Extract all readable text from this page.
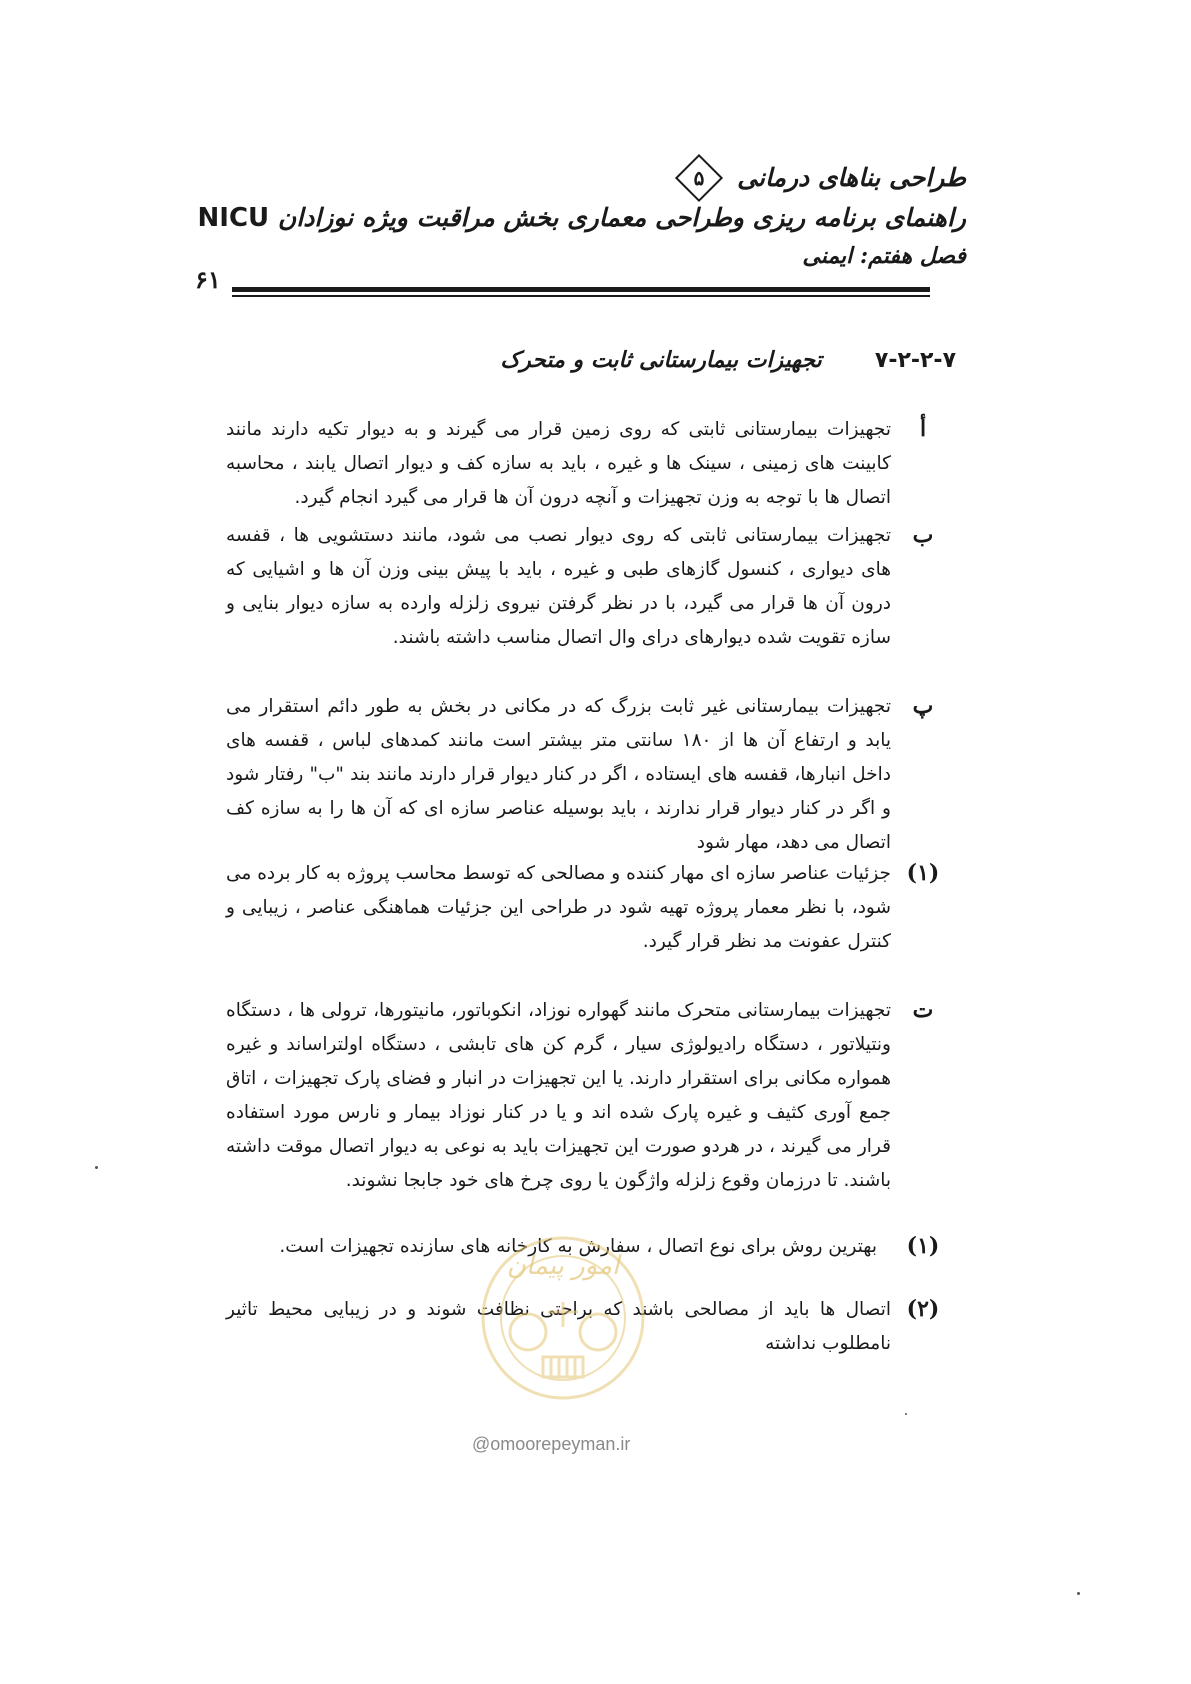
طراحی بناهای درمانی
۵
راهنمای برنامه ریزی وطراحی معماری بخش مراقبت ویژه نوزادان NICU
فصل هفتم: ایمنی
۶۱
۷-۲-۲-۷ تجهیزات بیمارستانی ثابت و متحرک
أ

تجهیزات بیمارستانی ثابتی که روی زمین قرار می گیرند و به دیوار تکیه دارند مانند کابینت های زمینی ، سینک ها و غیره ، باید به سازه کف و دیوار اتصال یابند ، محاسبه اتصال ها با توجه به وزن تجهیزات و آنچه درون آن ها قرار می گیرد انجام گیرد.

ب

تجهیزات بیمارستانی ثابتی که روی دیوار نصب می شود، مانند دستشویی ها ، قفسه های دیواری ، کنسول گازهای طبی و غیره ، باید با پیش بینی وزن آن ها و اشیایی که درون آن ها قرار می گیرد، با در نظر گرفتن نیروی زلزله وارده به سازه دیوار بنایی و سازه تقویت شده دیوارهای درای وال اتصال مناسب داشته باشند.

پ

تجهیزات بیمارستانی غیر ثابت بزرگ که در مکانی در بخش به طور دائم استقرار می یابد و ارتفاع آن ها از ۱۸۰ سانتی متر بیشتر است مانند کمدهای لباس ، قفسه های داخل انبارها، قفسه های ایستاده ، اگر در کنار دیوار قرار دارند مانند بند "ب" رفتار شود و اگر در کنار دیوار قرار ندارند ، باید بوسیله عناصر سازه ای که آن ها را به سازه کف اتصال می دهد، مهار شود

(۱)

جزئیات عناصر سازه ای مهار کننده و مصالحی که توسط محاسب پروژه به کار برده می شود، با نظر معمار پروژه تهیه شود در طراحی این جزئیات هماهنگی عناصر ، زیبایی و کنترل عفونت مد نظر قرار گیرد.

ت

تجهیزات بیمارستانی متحرک مانند گهواره نوزاد، انکوباتور، مانیتورها، ترولی ها ، دستگاه ونتیلاتور ، دستگاه رادیولوژی سیار ، گرم کن های تابشی ، دستگاه اولتراساند و غیره همواره مکانی برای استقرار دارند. یا این تجهیزات در انبار و فضای پارک تجهیزات ، اتاق جمع آوری کثیف و غیره پارک شده اند و یا در کنار نوزاد بیمار و نارس مورد استفاده قرار می گیرند ، در هردو صورت این تجهیزات باید به نوعی به دیوار اتصال موقت داشته باشند. تا درزمان وقوع زلزله واژگون یا روی چرخ های خود جابجا نشوند.

(۱)

بهترین روش برای نوع اتصال ، سفارش به کارخانه های سازنده تجهیزات است.

(۲)

اتصال ها باید از مصالحی باشند که براحتی نظافت شوند و در زیبایی محیط تاثیر نامطلوب نداشته

امور پیمان
@omoorepeyman.ir
